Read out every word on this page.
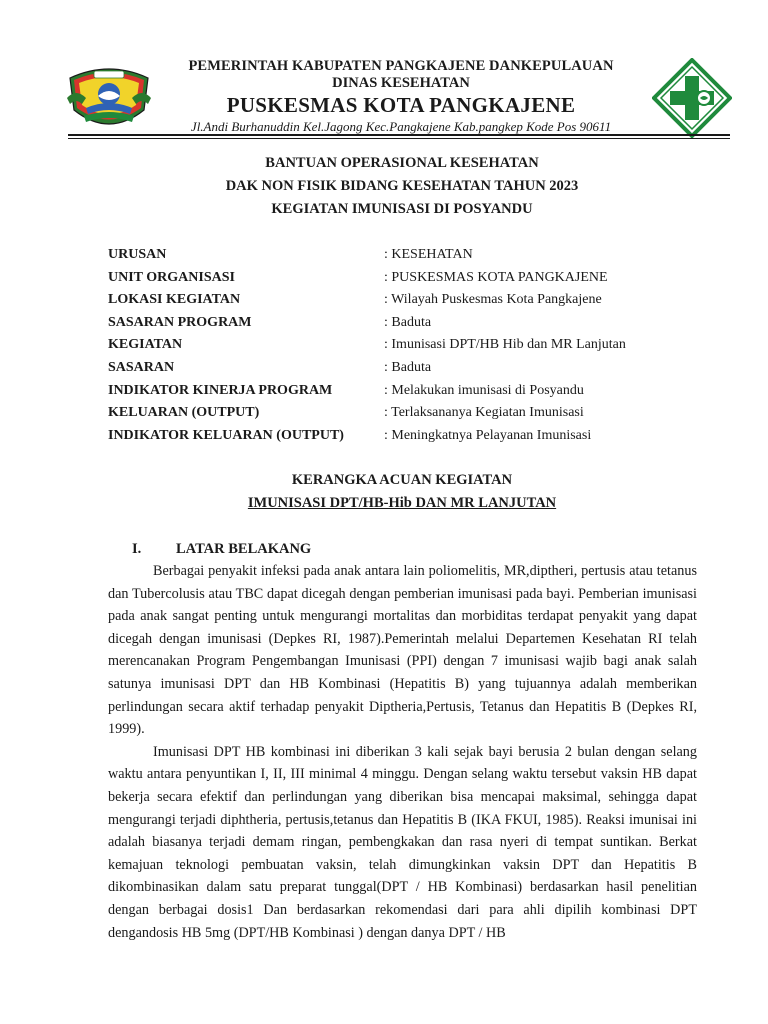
PEMERINTAH KABUPATEN PANGKAJENE DANKEPULAUAN
DINAS KESEHATAN
PUSKESMAS KOTA PANGKAJENE
Jl.Andi Burhanuddin Kel.Jagong Kec.Pangkajene Kab.pangkep Kode Pos 90611
BANTUAN OPERASIONAL KESEHATAN
DAK NON FISIK BIDANG KESEHATAN TAHUN 2023
KEGIATAN IMUNISASI DI POSYANDU
URUSAN	: KESEHATAN
UNIT ORGANISASI	: PUSKESMAS KOTA PANGKAJENE
LOKASI KEGIATAN	: Wilayah Puskesmas Kota Pangkajene
SASARAN PROGRAM	: Baduta
KEGIATAN	: Imunisasi DPT/HB Hib dan MR Lanjutan
SASARAN	: Baduta
INDIKATOR KINERJA PROGRAM	: Melakukan imunisasi di Posyandu
KELUARAN (OUTPUT)	: Terlaksananya Kegiatan Imunisasi
INDIKATOR KELUARAN (OUTPUT)	: Meningkatnya Pelayanan Imunisasi
KERANGKA ACUAN KEGIATAN
IMUNISASI DPT/HB-Hib DAN MR LANJUTAN
I. LATAR BELAKANG

Berbagai penyakit infeksi pada anak antara lain poliomelitis, MR,diptheri, pertusis atau tetanus dan Tubercolusis atau TBC dapat dicegah dengan pemberian imunisasi pada bayi. Pemberian imunisasi pada anak sangat penting untuk mengurangi mortalitas dan morbiditas terdapat penyakit yang dapat dicegah dengan imunisasi (Depkes RI, 1987).Pemerintah melalui Departemen Kesehatan RI telah merencanakan Program Pengembangan Imunisasi (PPI) dengan 7 imunisasi wajib bagi anak salah satunya imunisasi DPT dan HB Kombinasi (Hepatitis B) yang tujuannya adalah memberikan perlindungan secara aktif terhadap penyakit Diptheria,Pertusis, Tetanus dan Hepatitis B (Depkes RI, 1999).

Imunisasi DPT HB kombinasi ini diberikan 3 kali sejak bayi berusia 2 bulan dengan selang waktu antara penyuntikan I, II, III minimal 4 minggu. Dengan selang waktu tersebut vaksin HB dapat bekerja secara efektif dan perlindungan yang diberikan bisa mencapai maksimal, sehingga dapat mengurangi terjadi diphtheria, pertusis,tetanus dan Hepatitis B (IKA FKUI, 1985). Reaksi imunisai ini adalah biasanya terjadi demam ringan, pembengkakan dan rasa nyeri di tempat suntikan. Berkat kemajuan teknologi pembuatan vaksin, telah dimungkinkan vaksin DPT dan Hepatitis B dikombinasikan dalam satu preparat tunggal(DPT / HB Kombinasi) berdasarkan hasil penelitian dengan berbagai dosis1 Dan berdasarkan rekomendasi dari para ahli dipilih kombinasi DPT dengandosis HB 5mg (DPT/HB Kombinasi ) dengan danya DPT / HB
